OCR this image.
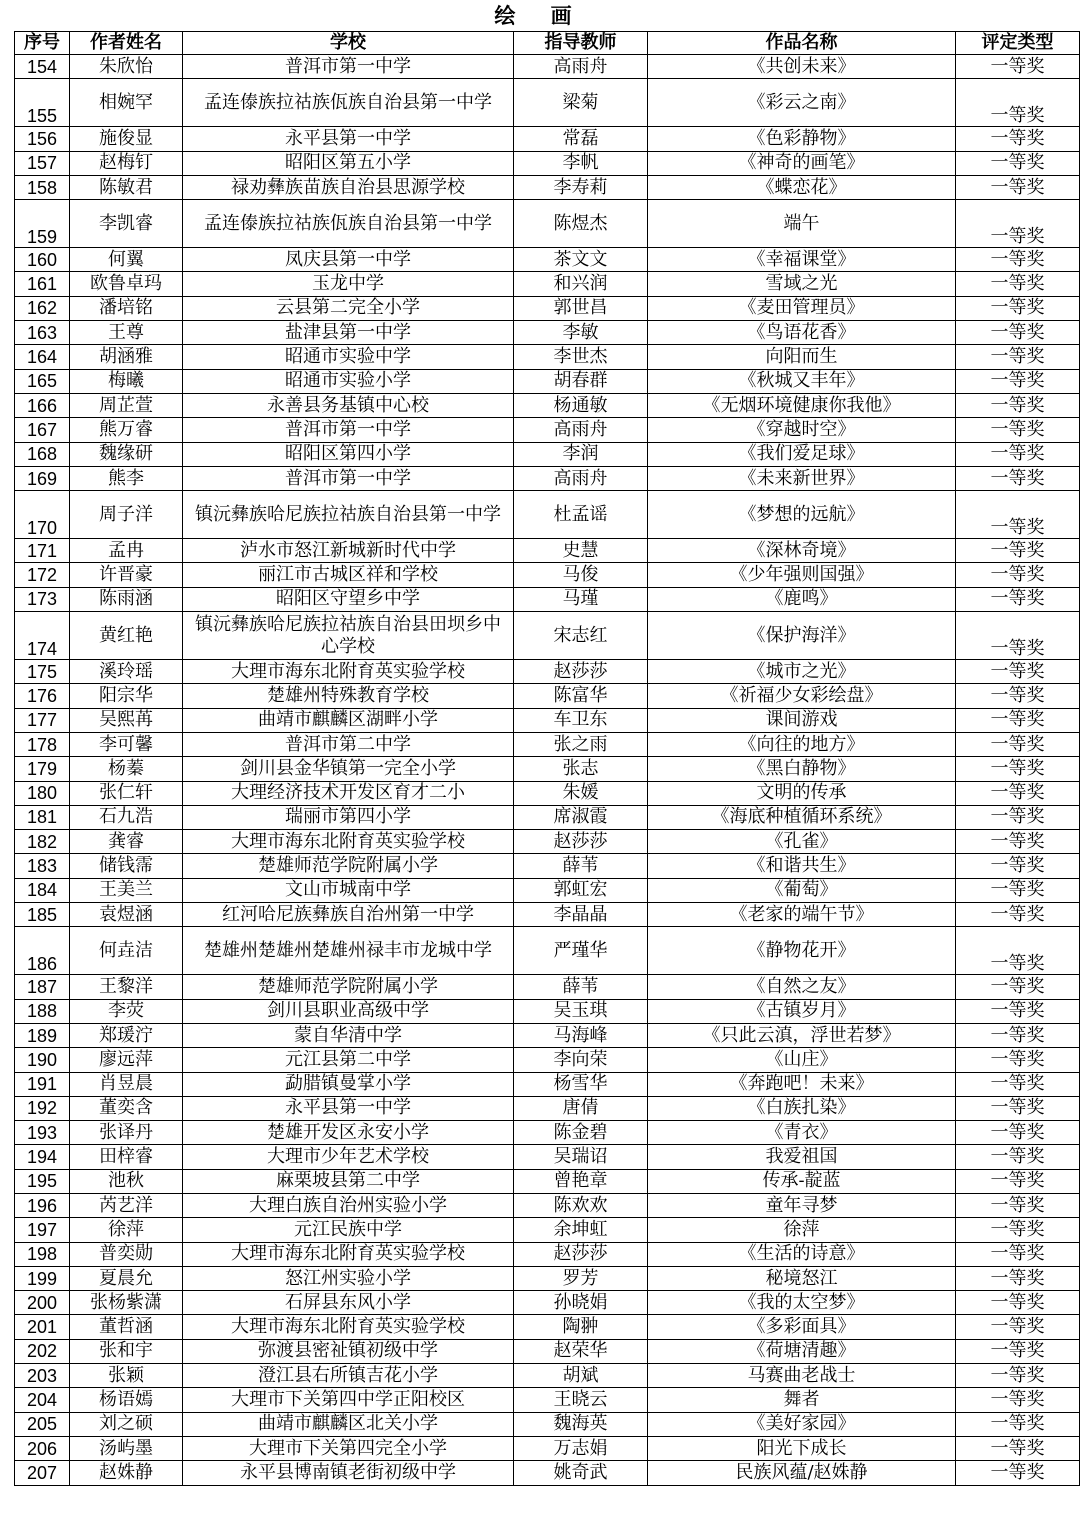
绘 画
序号	作者姓名	学校	指导教师	作品名称	评定类型
154	朱欣怡	普洱市第一中学	高雨舟	《共创未来》	一等奖
155	相婉罕	孟连傣族拉祜族佤族自治县第一中学	梁菊	《彩云之南》	一等奖
156	施俊显	永平县第一中学	常磊	《色彩静物》	一等奖
157	赵梅钉	昭阳区第五小学	李帆	《神奇的画笔》	一等奖
158	陈敏君	禄劝彝族苗族自治县思源学校	李寿莉	《蝶恋花》	一等奖
159	李凯睿	孟连傣族拉祜族佤族自治县第一中学	陈煜杰	端午	一等奖
160	何翼	凤庆县第一中学	茶文文	《幸福课堂》	一等奖
161	欧鲁卓玛	玉龙中学	和兴润	雪域之光	一等奖
162	潘培铭	云县第二完全小学	郭世昌	《麦田管理员》	一等奖
163	王尊	盐津县第一中学	李敏	《鸟语花香》	一等奖
164	胡涵雅	昭通市实验中学	李世杰	向阳而生	一等奖
165	梅曦	昭通市实验小学	胡春群	《秋城又丰年》	一等奖
166	周芷萱	永善县务基镇中心校	杨通敏	《无烟环境健康你我他》	一等奖
167	熊万睿	普洱市第一中学	高雨舟	《穿越时空》	一等奖
168	魏缘研	昭阳区第四小学	李润	《我们爱足球》	一等奖
169	熊李	普洱市第一中学	高雨舟	《未来新世界》	一等奖
170	周子洋	镇沅彝族哈尼族拉祜族自治县第一中学	杜孟谣	《梦想的远航》	一等奖
171	孟冉	泸水市怒江新城新时代中学	史慧	《深林奇境》	一等奖
172	许晋豪	丽江市古城区祥和学校	马俊	《少年强则国强》	一等奖
173	陈雨涵	昭阳区守望乡中学	马瑾	《鹿鸣》	一等奖
174	黄红艳	镇沅彝族哈尼族拉祜族自治县田坝乡中心学校	宋志红	《保护海洋》	一等奖
175	溪玲瑶	大理市海东北附育英实验学校	赵莎莎	《城市之光》	一等奖
176	阳宗华	楚雄州特殊教育学校	陈富华	《祈福少女彩绘盘》	一等奖
177	吴熙苒	曲靖市麒麟区湖畔小学	车卫东	课间游戏	一等奖
178	李可馨	普洱市第二中学	张之雨	《向往的地方》	一等奖
179	杨蓁	剑川县金华镇第一完全小学	张志	《黑白静物》	一等奖
180	张仁轩	大理经济技术开发区育才二小	朱媛	文明的传承	一等奖
181	石九浩	瑞丽市第四小学	席淑霞	《海底种植循环系统》	一等奖
182	龚睿	大理市海东北附育英实验学校	赵莎莎	《孔雀》	一等奖
183	储钱霈	楚雄师范学院附属小学	薛苇	《和谐共生》	一等奖
184	王美兰	文山市城南中学	郭虹宏	《葡萄》	一等奖
185	袁煜涵	红河哈尼族彝族自治州第一中学	李晶晶	《老家的端午节》	一等奖
186	何垚洁	楚雄州楚雄州楚雄州禄丰市龙城中学	严瑾华	《静物花开》	一等奖
187	王黎洋	楚雄师范学院附属小学	薛苇	《自然之友》	一等奖
188	李荧	剑川县职业高级中学	吴玉琪	《古镇岁月》	一等奖
189	郑瑗泞	蒙自华清中学	马海峰	《只此云滇，浮世若梦》	一等奖
190	廖远萍	元江县第二中学	李向荣	《山庄》	一等奖
191	肖昱晨	勐腊镇曼掌小学	杨雪华	《奔跑吧！未来》	一等奖
192	董奕含	永平县第一中学	唐倩	《白族扎染》	一等奖
193	张译丹	楚雄开发区永安小学	陈金碧	《青衣》	一等奖
194	田梓睿	大理市少年艺术学校	吴瑞诏	我爱祖国	一等奖
195	池秋	麻栗坡县第二中学	曾艳章	传承-靛蓝	一等奖
196	芮艺洋	大理白族自治州实验小学	陈欢欢	童年寻梦	一等奖
197	徐萍	元江民族中学	余坤虹	徐萍	一等奖
198	普奕勋	大理市海东北附育英实验学校	赵莎莎	《生活的诗意》	一等奖
199	夏晨允	怒江州实验小学	罗芳	秘境怒江	一等奖
200	张杨紫潇	石屏县东风小学	孙晓娟	《我的太空梦》	一等奖
201	董哲涵	大理市海东北附育英实验学校	陶翀	《多彩面具》	一等奖
202	张和宇	弥渡县密祉镇初级中学	赵荣华	《荷塘清趣》	一等奖
203	张颖	澄江县右所镇吉花小学	胡斌	马赛曲老战士	一等奖
204	杨语嫣	大理市下关第四中学正阳校区	王晓云	舞者	一等奖
205	刘之硕	曲靖市麒麟区北关小学	魏海英	《美好家园》	一等奖
206	汤屿墨	大理市下关第四完全小学	万志娟	阳光下成长	一等奖
207	赵姝静	永平县博南镇老街初级中学	姚奇武	民族风蕴/赵姝静	一等奖
